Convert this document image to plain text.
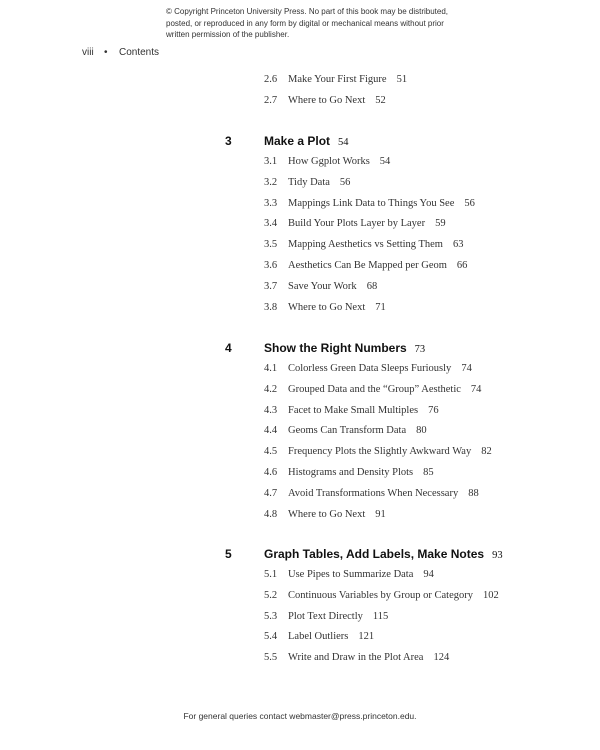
© Copyright Princeton University Press. No part of this book may be distributed, posted, or reproduced in any form by digital or mechanical means without prior written permission of the publisher.
viii • Contents
2.6 Make Your First Figure 51
2.7 Where to Go Next 52
3	Make a Plot 54
3.1 How Ggplot Works 54
3.2 Tidy Data 56
3.3 Mappings Link Data to Things You See 56
3.4 Build Your Plots Layer by Layer 59
3.5 Mapping Aesthetics vs Setting Them 63
3.6 Aesthetics Can Be Mapped per Geom 66
3.7 Save Your Work 68
3.8 Where to Go Next 71
4	Show the Right Numbers 73
4.1 Colorless Green Data Sleeps Furiously 74
4.2 Grouped Data and the “Group” Aesthetic 74
4.3 Facet to Make Small Multiples 76
4.4 Geoms Can Transform Data 80
4.5 Frequency Plots the Slightly Awkward Way 82
4.6 Histograms and Density Plots 85
4.7 Avoid Transformations When Necessary 88
4.8 Where to Go Next 91
5	Graph Tables, Add Labels, Make Notes 93
5.1 Use Pipes to Summarize Data 94
5.2 Continuous Variables by Group or Category 102
5.3 Plot Text Directly 115
5.4 Label Outliers 121
5.5 Write and Draw in the Plot Area 124
For general queries contact webmaster@press.princeton.edu.
